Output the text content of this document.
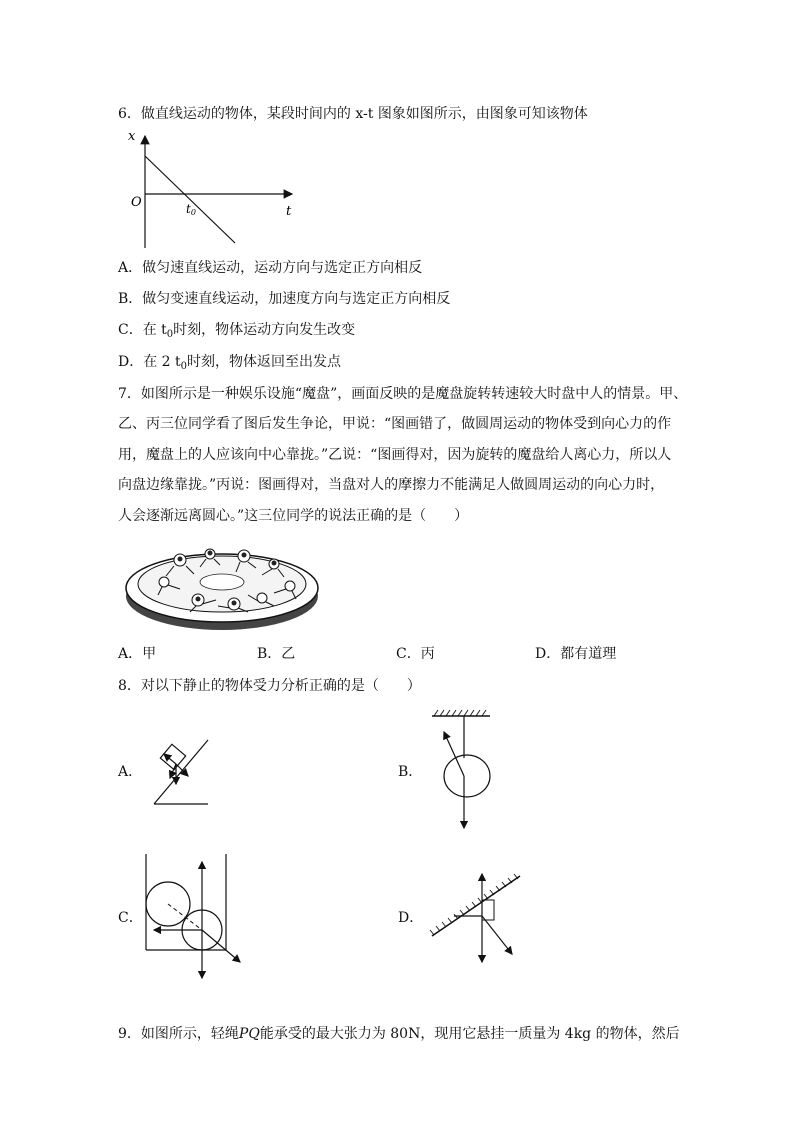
6．做直线运动的物体，某段时间内的 x-t 图象如图所示，由图象可知该物体
x
t
O	t0
A．做匀速直线运动，运动方向与选定正方向相反
B．做匀变速直线运动，加速度方向与选定正方向相反
C．在 $t_0$时刻，物体运动方向发生改变
D．在 2 $t_0$时刻，物体返回至出发点
7．如图所示是一种娱乐设施“魔盘”，画面反映的是魔盘旋转转速较大时盘中人的情景。甲、
乙、丙三位同学看了图后发生争论，甲说：“图画错了，做圆周运动的物体受到向心力的作
用，魔盘上的人应该向中心靠拢。”乙说：“图画得对，因为旋转的魔盘给人离心力，所以人
向盘边缘靠拢。”丙说：图画得对，当盘对人的摩擦力不能满足人做圆周运动的向心力时，
人会逐渐远离圆心。”这三位同学的说法正确的是（　　）
A．甲	B．乙	C．丙	D．都有道理
8．对以下静止的物体受力分析正确的是（　　）
A．	B．
C．	D．
9．如图所示，轻绳PQ能承受的最大张力为 80N，现用它悬挂一质量为 4kg 的物体，然后
